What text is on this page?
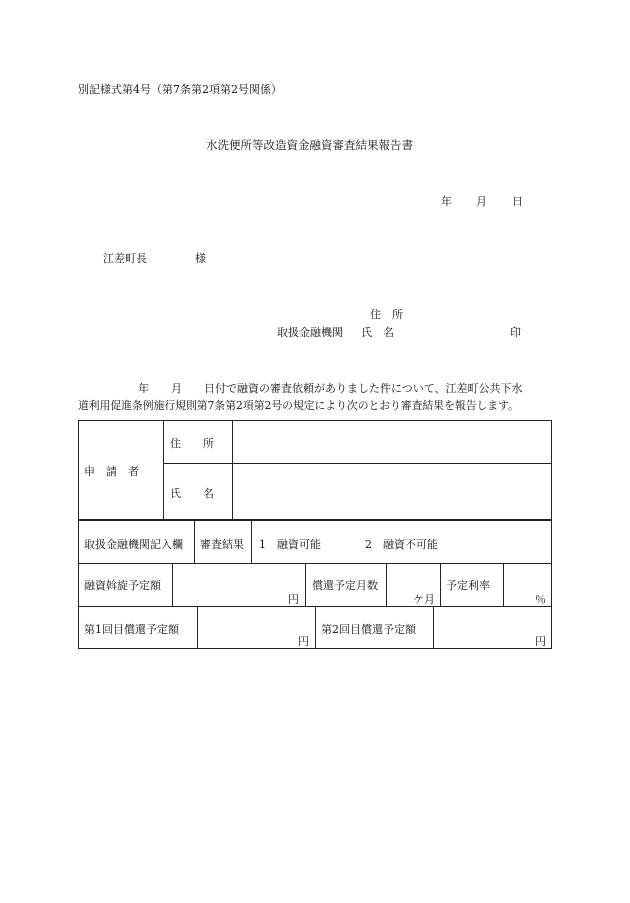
別記様式第4号（第7条第2項第2号関係）
水洗便所等改造資金融資審査結果報告書
年 月 日
江差町長	様
住　所
取扱金融機関 氏　名	印
年　　月　　日付で融資の審査依頼がありました件について、江差町公共下水
道利用促進条例施行規則第7条第2項第2号の規定により次のとおり審査結果を報告します。
申　請　者
住　　所
氏　　名
取扱金融機関記入欄 審査結果 1　融資可能　　　　2　融資不可能
融資斡旋予定額
円
償還予定月数
ケ月
予定利率
％
第1回目償還予定額
円
第2回目償還予定額
円
